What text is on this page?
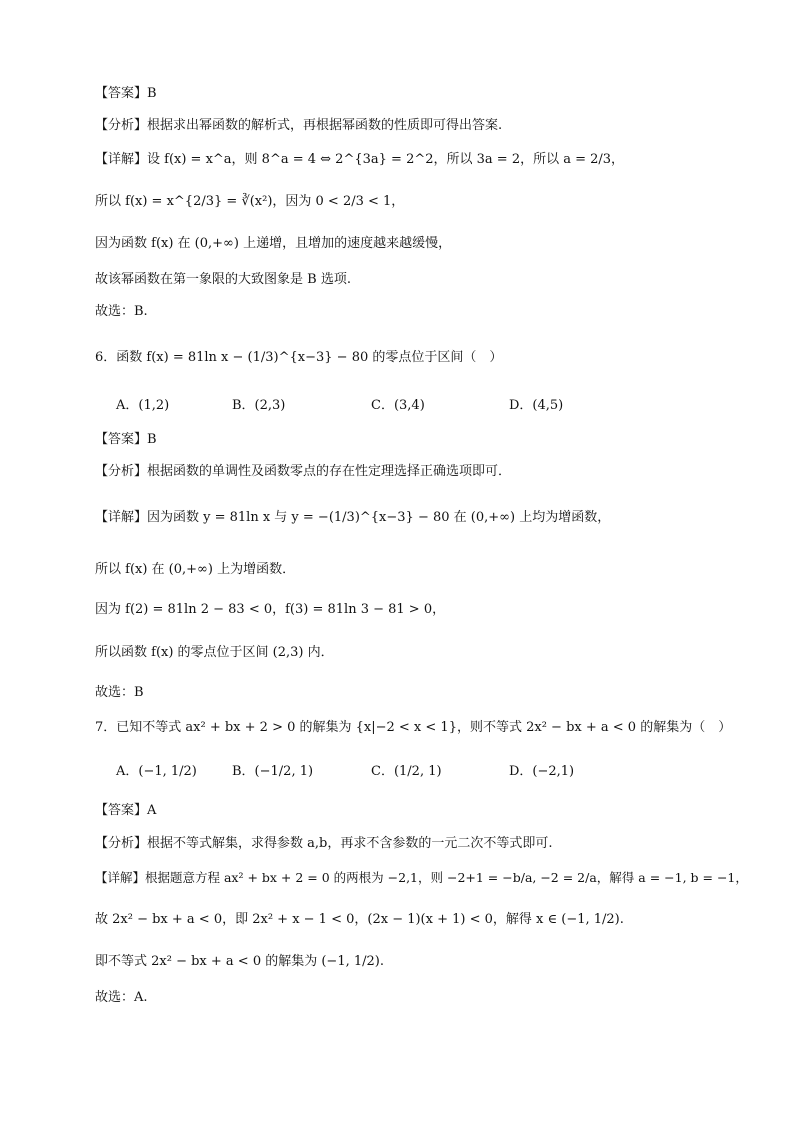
【答案】B
【分析】根据求出幂函数的解析式，再根据幂函数的性质即可得出答案.
【详解】设 f(x) = x^a，则 8^a = 4 ⇔ 2^{3a} = 2^2，所以 3a = 2，所以 a = 2/3，
所以 f(x) = x^{2/3} = ∛(x²)，因为 0 < 2/3 < 1，
因为函数 f(x) 在 (0,+∞) 上递增，且增加的速度越来越缓慢，
故该幂函数在第一象限的大致图象是 B 选项.
故选：B.
6．函数 f(x) = 81ln x − (1/3)^{x−3} − 80 的零点位于区间（　）
A．(1,2)	B．(2,3)	C．(3,4)	D．(4,5)
【答案】B
【分析】根据函数的单调性及函数零点的存在性定理选择正确选项即可．
【详解】因为函数 y = 81ln x 与 y = −(1/3)^{x−3} − 80 在 (0,+∞) 上均为增函数，
所以 f(x) 在 (0,+∞) 上为增函数．
因为 f(2) = 81ln 2 − 83 < 0，f(3) = 81ln 3 − 81 > 0，
所以函数 f(x) 的零点位于区间 (2,3) 内．
故选：B
7．已知不等式 ax² + bx + 2 > 0 的解集为 {x|−2 < x < 1}，则不等式 2x² − bx + a < 0 的解集为（　）
A．(−1, 1/2)	B．(−1/2, 1)	C．(1/2, 1)	D．(−2,1)
【答案】A
【分析】根据不等式解集，求得参数 a,b，再求不含参数的一元二次不等式即可.
【详解】根据题意方程 ax² + bx + 2 = 0 的两根为 −2,1，则 −2+1 = −b/a, −2 = 2/a，解得 a = −1, b = −1，
故 2x² − bx + a < 0，即 2x² + x − 1 < 0，(2x − 1)(x + 1) < 0，解得 x ∈ (−1, 1/2).
即不等式 2x² − bx + a < 0 的解集为 (−1, 1/2).
故选：A.
